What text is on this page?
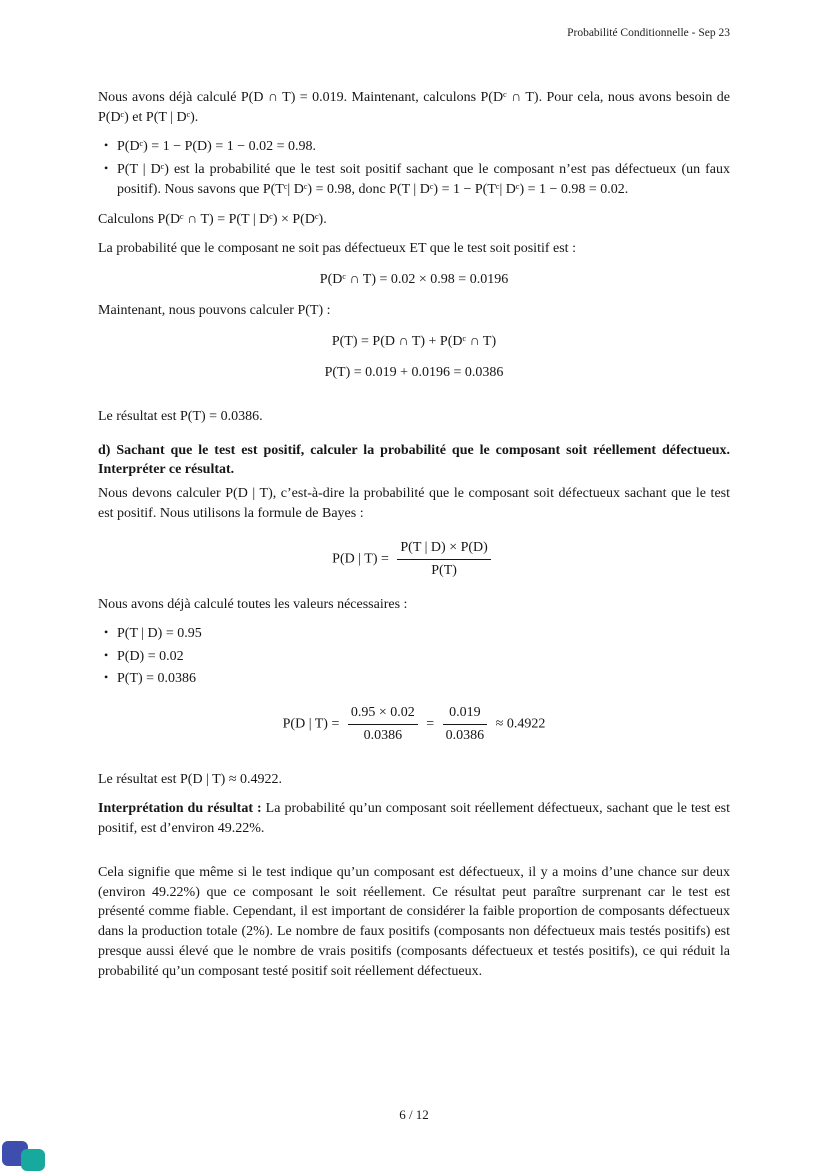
Probabilité Conditionnelle - Sep 23

Nous avons déjà calculé P(D ∩ T) = 0.019. Maintenant, calculons P(Dᶜ ∩ T). Pour cela, nous avons besoin de P(Dᶜ) et P(T | Dᶜ).

• P(Dᶜ) = 1 − P(D) = 1 − 0.02 = 0.98.
• P(T | Dᶜ) est la probabilité que le test soit positif sachant que le composant n’est pas défectueux (un faux positif). Nous savons que P(Tᶜ| Dᶜ) = 0.98, donc P(T | Dᶜ) = 1 − P(Tᶜ| Dᶜ) = 1 − 0.98 = 0.02.

Calculons P(Dᶜ ∩ T) = P(T | Dᶜ) × P(Dᶜ).

La probabilité que le composant ne soit pas défectueux ET que le test soit positif est :

P(Dᶜ ∩ T) = 0.02 × 0.98 = 0.0196

Maintenant, nous pouvons calculer P(T) :

P(T) = P(D ∩ T) + P(Dᶜ ∩ T)
P(T) = 0.019 + 0.0196 = 0.0386

Le résultat est P(T) = 0.0386.

d) Sachant que le test est positif, calculer la probabilité que le composant soit réellement défectueux. Interpréter ce résultat.

Nous devons calculer P(D | T), c’est-à-dire la probabilité que le composant soit défectueux sachant que le test est positif. Nous utilisons la formule de Bayes :

P(D | $T) = \frac{P(T | D) \times P(D)}{P(T)}$

Nous avons déjà calculé toutes les valeurs nécessaires :

• P(T | D) = 0.95
• P(D) = 0.02
• P(T) = 0.0386
P(D | $T) = \frac{0.95 \times 0.02}{0.0386} = \frac{0.019}{0.0386} \approx 0.4922$

Le résultat est P(D | T) ≈ 0.4922.

Interprétation du résultat : La probabilité qu’un composant soit réellement défectueux, sachant que le test est positif, est d’environ 49.22%.

Cela signifie que même si le test indique qu’un composant est défectueux, il y a moins d’une chance sur deux (environ 49.22%) que ce composant le soit réellement. Ce résultat peut paraître surprenant car le test est présenté comme fiable. Cependant, il est important de considérer la faible proportion de composants défectueux dans la production totale (2%). Le nombre de faux positifs (composants non défectueux mais testés positifs) est presque aussi élevé que le nombre de vrais positifs (composants défectueux et testés positifs), ce qui réduit la probabilité qu’un composant testé positif soit réellement défectueux.

6 / 12
